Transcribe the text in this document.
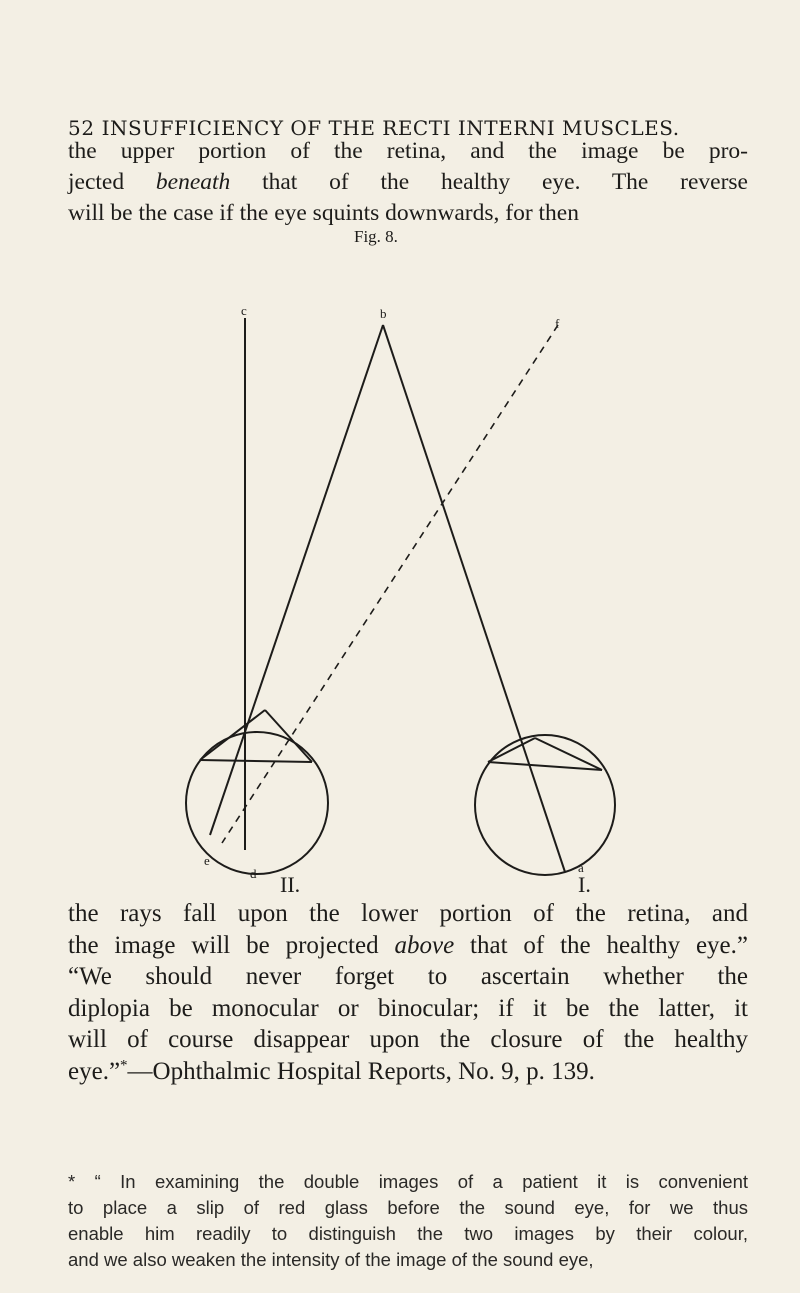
52 INSUFFICIENCY OF THE RECTI INTERNI MUSCLES.
the upper portion of the retina, and the image be pro-
jected beneath that of the healthy eye. The reverse
will be the case if the eye squints downwards, for then
Fig. 8.
c	b
f
e
d	a
II.	I.
the rays fall upon the lower portion of the retina, and
the image will be projected above that of the healthy eye.”
“We should never forget to ascertain whether the
diplopia be monocular or binocular; if it be the latter, it
will of course disappear upon the closure of the healthy
eye.”*—Ophthalmic Hospital Reports, No. 9, p. 139.
* “ In examining the double images of a patient it is convenient
to place a slip of red glass before the sound eye, for we thus
enable him readily to distinguish the two images by their colour,
and we also weaken the intensity of the image of the sound eye,
